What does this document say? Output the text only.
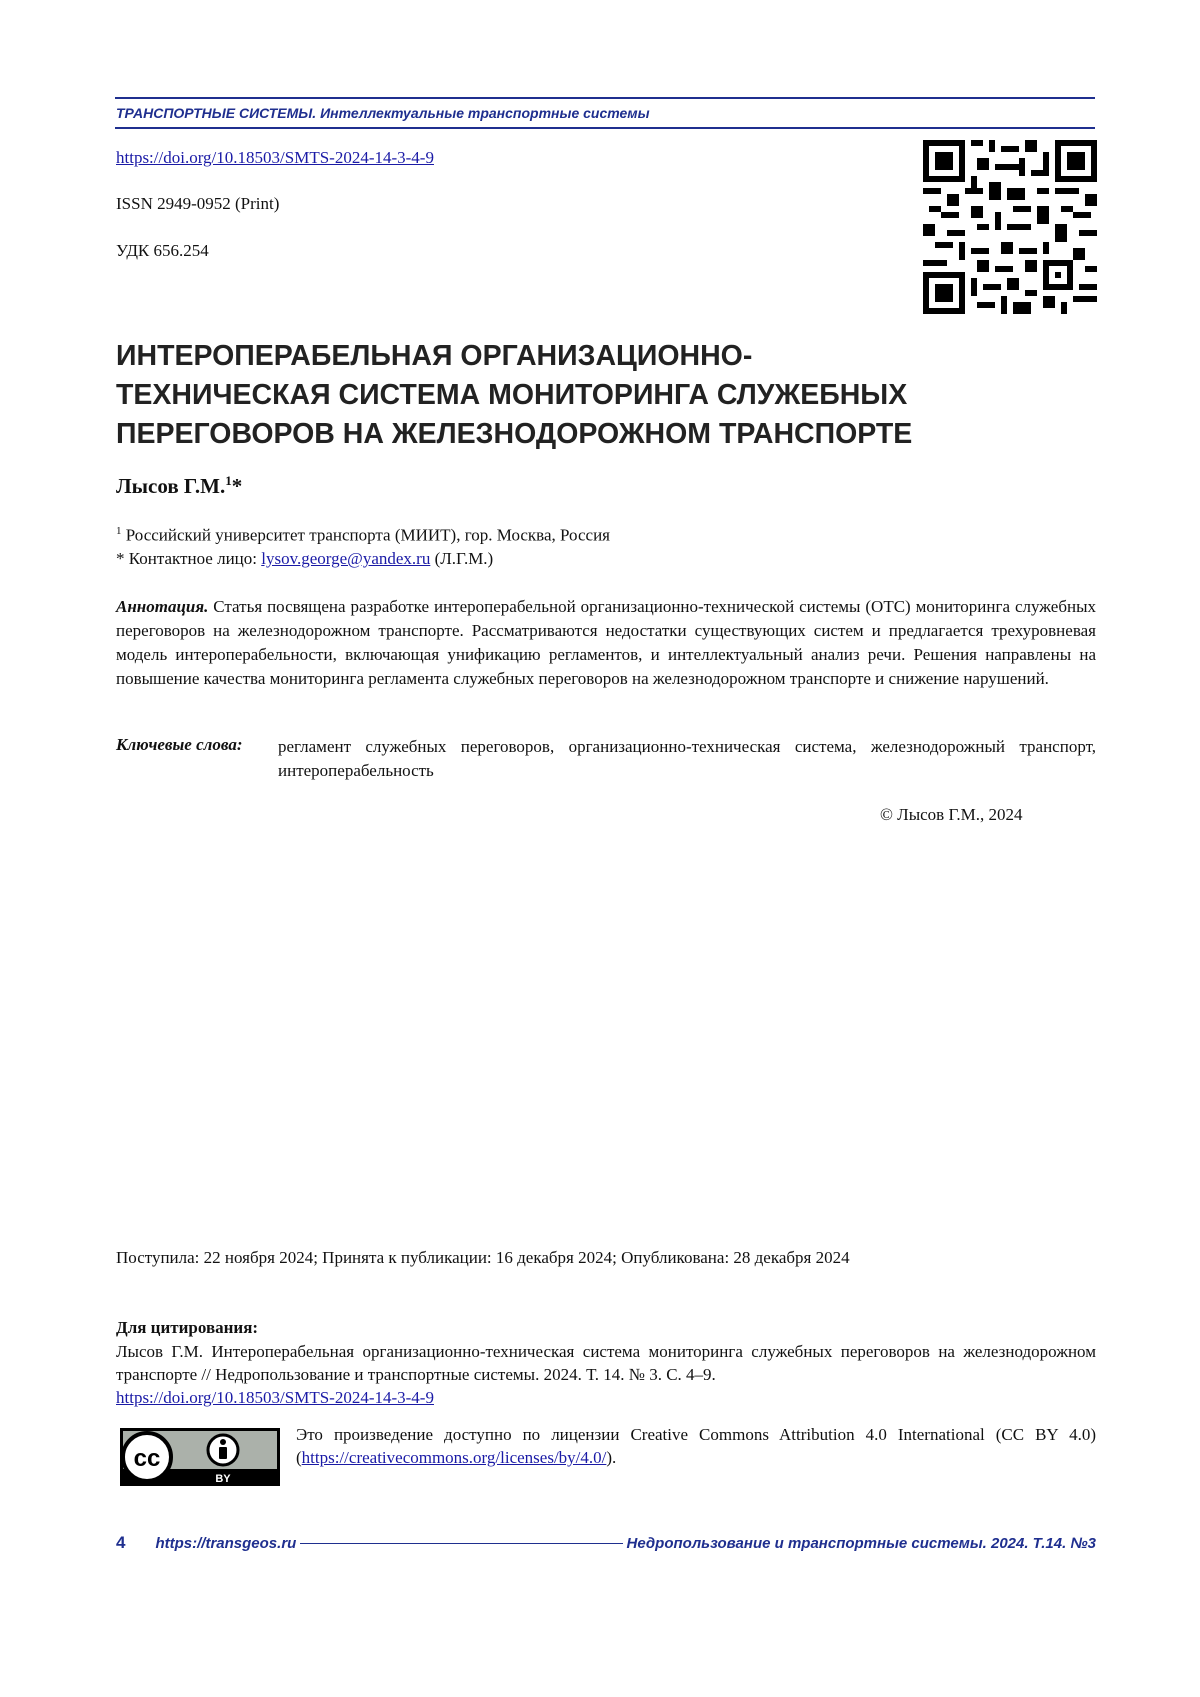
ТРАНСПОРТНЫЕ СИСТЕМЫ. Интеллектуальные транспортные системы
https://doi.org/10.18503/SMTS-2024-14-3-4-9
ISSN 2949-0952 (Print)
УДК 656.254
ИНТЕРОПЕРАБЕЛЬНАЯ ОРГАНИЗАЦИОННО-
ТЕХНИЧЕСКАЯ СИСТЕМА МОНИТОРИНГА СЛУЖЕБНЫХ
ПЕРЕГОВОРОВ НА ЖЕЛЕЗНОДОРОЖНОМ ТРАНСПОРТЕ
Лысов Г.М.$^1$*
$^1$ Российский университет транспорта (МИИТ), гор. Москва, Россия
* Контактное лицо: lysov.george@yandex.ru (Л.Г.М.)
Аннотация. Статья посвящена разработке интероперабельной организационно-технической системы (ОТС) мониторинга служебных переговоров на железнодорожном транспорте. Рассматриваются недостатки существующих систем и предлагается трехуровневая модель интероперабельности, включающая унификацию регламентов, и интеллектуальный анализ речи. Решения направлены на повышение качества мониторинга регламента служебных переговоров на железнодорожном транспорте и снижение нарушений.
Ключевые слова: регламент служебных переговоров, организационно-техническая система, железнодорожный транспорт, интероперабельность
© Лысов Г.М., 2024
Поступила: 22 ноября 2024; Принята к публикации: 16 декабря 2024; Опубликована: 28 декабря 2024
Для цитирования:
Лысов Г.М. Интероперабельная организационно-техническая система мониторинга служебных переговоров на железнодорожном транспорте // Недропользование и транспортные системы. 2024. Т. 14. № 3. С. 4–9.
https://doi.org/10.18503/SMTS-2024-14-3-4-9
cc
BY
Это произведение доступно по лицензии Creative Commons Attribution 4.0 International (CC BY 4.0) (https://creativecommons.org/licenses/by/4.0/).
4 https://transgeos.ru	Недропользование и транспортные системы. 2024. Т.14. №3
